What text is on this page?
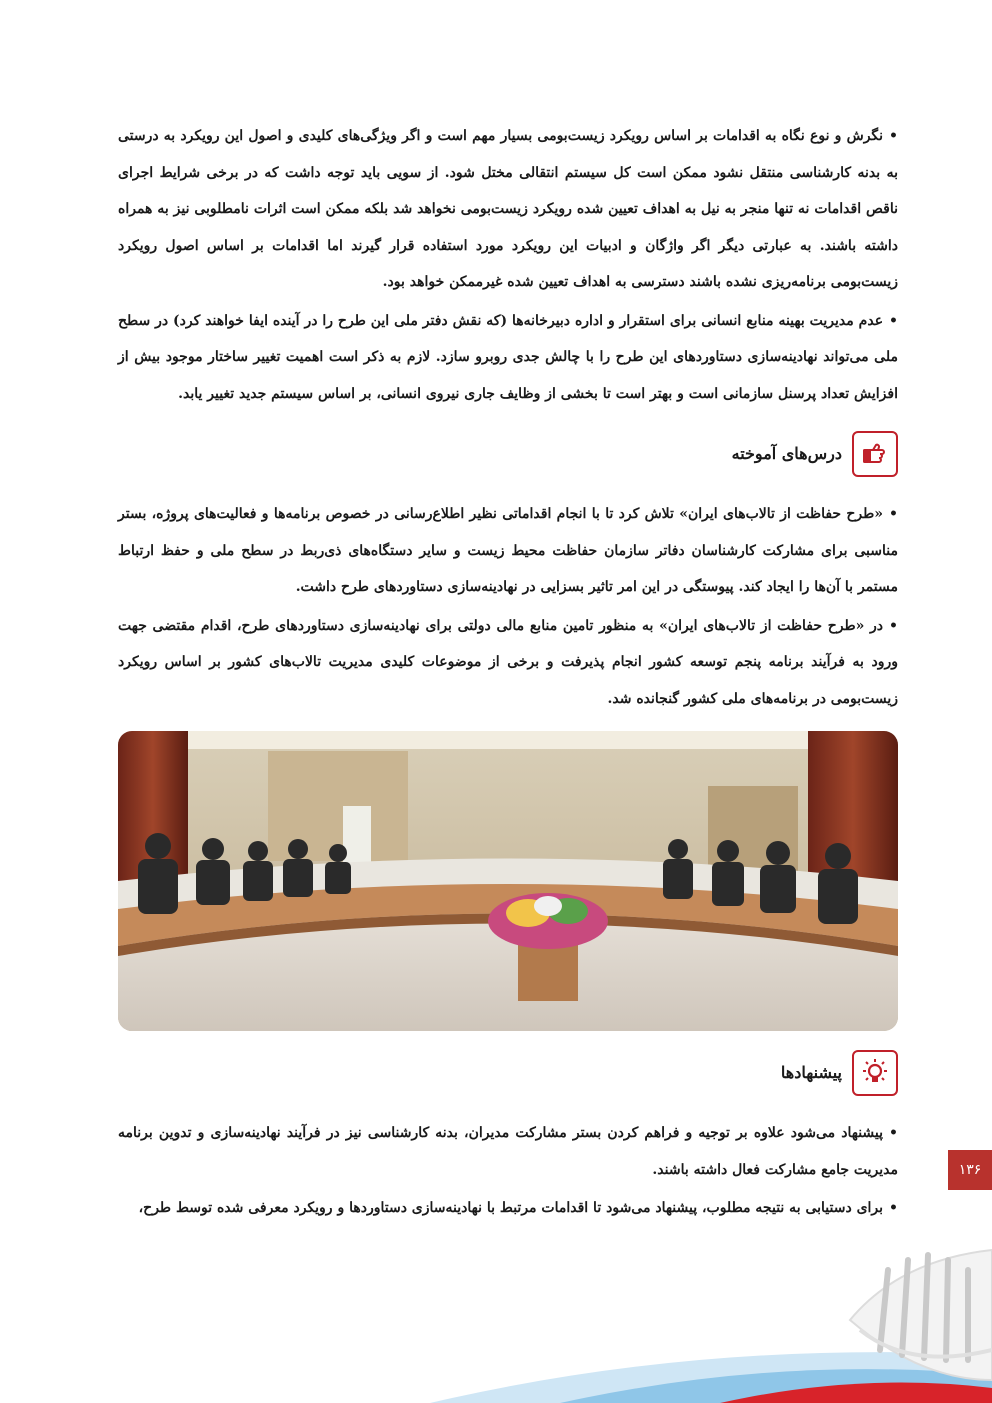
•نگرش و نوع نگاه به اقدامات بر اساس رویکرد زیست‌بومی بسیار مهم است و اگر ویژگی‌های کلیدی و اصول این رویکرد به درستی به بدنه کارشناسی منتقل نشود ممکن است کل سیستم انتقالی مختل شود. از سویی باید توجه داشت که در برخی شرایط اجرای ناقص اقدامات نه تنها منجر به نیل به اهداف تعیین شده رویکرد زیست‌بومی نخواهد شد بلکه ممکن است اثرات نامطلوبی نیز به همراه داشته باشند. به عبارتی دیگر اگر واژگان و ادبیات این رویکرد مورد استفاده قرار گیرند اما اقدامات بر اساس اصول رویکرد زیست‌بومی برنامه‌ریزی نشده باشند دسترسی به اهداف تعیین شده غیرممکن خواهد بود.

•عدم مدیریت بهینه منابع انسانی برای استقرار و اداره دبیرخانه‌ها (که نقش دفتر ملی این طرح را در آینده ایفا خواهند کرد) در سطح ملی می‌تواند نهادینه‌سازی دستاوردهای این طرح را با چالش جدی روبرو سازد. لازم به ذکر است اهمیت تغییر ساختار موجود بیش از افزایش تعداد پرسنل سازمانی است و بهتر است تا بخشی از وظایف جاری نیروی انسانی، بر اساس سیستم جدید تغییر یابد.

درس‌های آموخته

•«طرح حفاظت از تالاب‌های ایران» تلاش کرد تا با انجام اقداماتی نظیر اطلاع‌رسانی در خصوص برنامه‌ها و فعالیت‌های پروژه، بستر مناسبی برای مشارکت کارشناسان دفاتر سازمان حفاظت محیط زیست و سایر دستگاه‌های ذی‌ربط در سطح ملی و حفظ ارتباط مستمر با آن‌ها را ایجاد کند. پیوستگی در این امر تاثیر بسزایی در نهادینه‌سازی دستاوردهای طرح داشت.

•در «طرح حفاظت از تالاب‌های ایران» به منظور تامین منابع مالی دولتی برای نهادینه‌سازی دستاوردهای طرح، اقدام مقتضی جهت ورود به فرآیند برنامه پنجم توسعه کشور انجام پذیرفت و برخی از موضوعات کلیدی مدیریت تالاب‌های کشور بر اساس رویکرد زیست‌بومی در برنامه‌های ملی کشور گنجانده شد.

پیشنهادها

•پیشنهاد می‌شود علاوه بر توجیه و فراهم کردن بستر مشارکت مدیران، بدنه کارشناسی نیز در فرآیند نهادینه‌سازی و تدوین برنامه مدیریت جامع مشارکت فعال داشته باشند.

•برای دستیابی به نتیجه مطلوب، پیشنهاد می‌شود تا اقدامات مرتبط با نهادینه‌سازی دستاوردها و رویکرد معرفی شده توسط طرح،

۱۳۶
